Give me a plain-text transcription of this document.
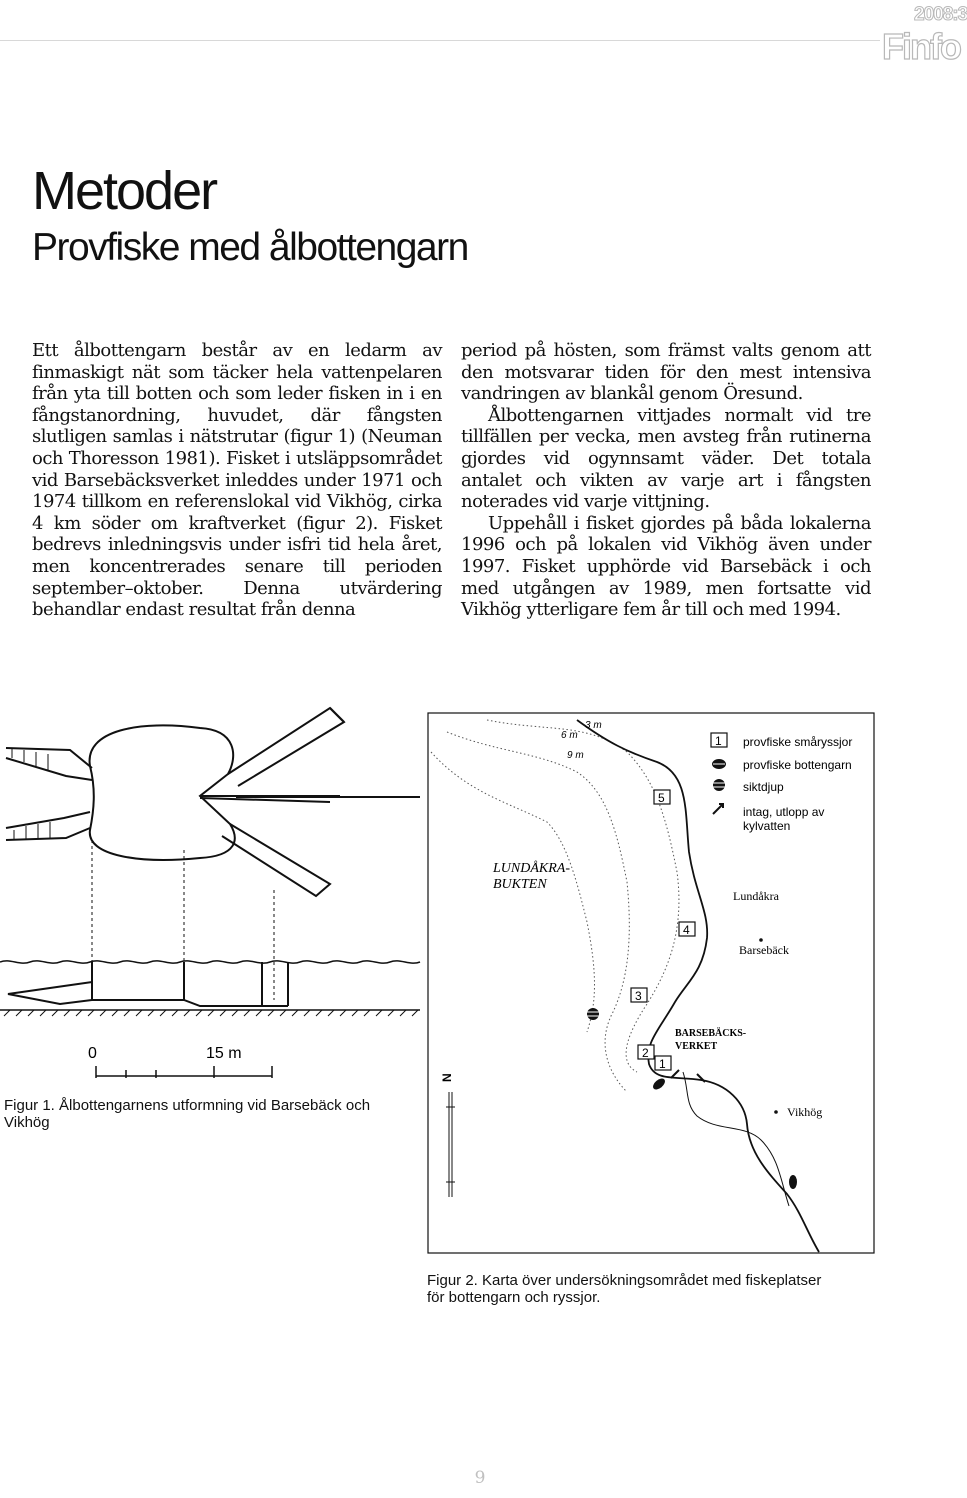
2008:3
Finfo
Metoder
Provfiske med ålbottengarn

Ett ålbottengarn består av en ledarm av finmaskigt nät som täcker hela vattenpelaren från yta till botten och som leder fisken in i en fångstanordning, huvudet, där fångsten slutligen samlas i nätstrutar (figur 1) (Neuman och Thoresson 1981). Fisket i utsläppsområdet vid Barsebäcksverket inleddes under 1971 och 1974 tillkom en referenslokal vid Vikhög, cirka 4 km söder om kraftverket (figur 2). Fisket bedrevs inledningsvis under isfri tid hela året, men koncentrerades senare till perioden september–oktober. Denna utvärdering behandlar endast resultat från denna

period på hösten, som främst valts genom att den motsvarar tiden för den mest intensiva vandringen av blankål genom Öresund.

Ålbottengarnen vittjades normalt vid tre tillfällen per vecka, men avsteg från rutinerna gjordes vid ogynnsamt väder. Det totala antalet och vikten av varje art i fångsten noterades vid varje vittjning.

Uppehåll i fisket gjordes på båda lokalerna 1996 och på lokalen vid Vikhög även under 1997. Fisket upphörde vid Barsebäck i och med utgången av 1989, men fortsatte vid Vikhög ytterligare fem år till och med 1994.

0	15 m
Figur 1. Ålbottengarnens utformning vid Barsebäck och Vikhög
1 provfiske småryssjor
provfiske bottengarn
siktdjup
intag, utlopp av
kylvatten
3 m
6 m
9 m
LUNDÅKRA-
BUKTEN
Lundåkra
Barsebäck
BARSEBÄCKS-
VERKET
Vikhög
5
4
3
2
1
N
Figur 2. Karta över undersökningsområdet med fiskeplatser för bottengarn och ryssjor.
9
